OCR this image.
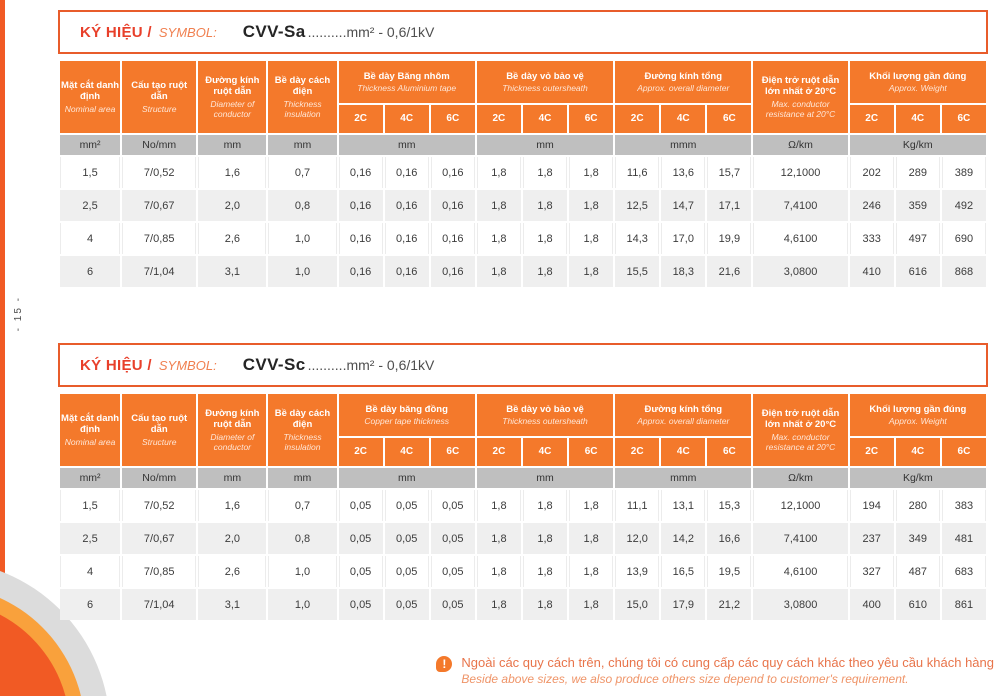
- 15 -
KÝ HIỆU / SYMBOL: CVV-Sa ..........mm² - 0,6/1kV
Mặt cắt danh định
Nominal area

Cấu tạo ruột dẫn
Structure

Đường kính ruột dẫn
Diameter of conductor

Bề dày cách điện
Thickness insulation

Bề dày Băng nhôm
Thickness Aluminium tape

Bề dày vỏ bảo vệ
Thickness outersheath

Đường kính tổng
Approx. overall diameter

Điện trở ruột dẫn lớn nhất ở 20°C
Max. conductor resistance at 20°C

Khối lượng gần đúng
Approx. Weight

				2C	4C	6C	2C	4C	6C	2C	4C	6C		2C	4C	6C
mm²	No/mm	mm	mm	mm			mm			mmm			Ω/km	Kg/km		
1,5	7/0,52	1,6	0,7	0,16	0,16	0,16	1,8	1,8	1,8	11,6	13,6	15,7	12,1000	202	289	389
2,5	7/0,67	2,0	0,8	0,16	0,16	0,16	1,8	1,8	1,8	12,5	14,7	17,1	7,4100	246	359	492
4	7/0,85	2,6	1,0	0,16	0,16	0,16	1,8	1,8	1,8	14,3	17,0	19,9	4,6100	333	497	690
6	7/1,04	3,1	1,0	0,16	0,16	0,16	1,8	1,8	1,8	15,5	18,3	21,6	3,0800	410	616	868
KÝ HIỆU / SYMBOL: CVV-Sc ..........mm² - 0,6/1kV
Mặt cắt danh định
Nominal area

Cấu tạo ruột dẫn
Structure

Đường kính ruột dẫn
Diameter of conductor

Bề dày cách điện
Thickness insulation

Bề dày băng đồng
Copper tape thickness

Bề dày vỏ bảo vệ
Thickness outersheath

Đường kính tổng
Approx. overall diameter

Điện trở ruột dẫn lớn nhất ở 20°C
Max. conductor resistance at 20°C

Khối lượng gần đúng
Approx. Weight

				2C	4C	6C	2C	4C	6C	2C	4C	6C		2C	4C	6C
mm²	No/mm	mm	mm	mm			mm			mmm			Ω/km	Kg/km		
1,5	7/0,52	1,6	0,7	0,05	0,05	0,05	1,8	1,8	1,8	11,1	13,1	15,3	12,1000	194	280	383
2,5	7/0,67	2,0	0,8	0,05	0,05	0,05	1,8	1,8	1,8	12,0	14,2	16,6	7,4100	237	349	481
4	7/0,85	2,6	1,0	0,05	0,05	0,05	1,8	1,8	1,8	13,9	16,5	19,5	4,6100	327	487	683
6	7/1,04	3,1	1,0	0,05	0,05	0,05	1,8	1,8	1,8	15,0	17,9	21,2	3,0800	400	610	861
!	Ngoài các quy cách trên, chúng tôi có cung cấp các quy cách khác theo yêu cầu khách hàng
Beside above sizes, we also produce others size depend to customer's requirement.
